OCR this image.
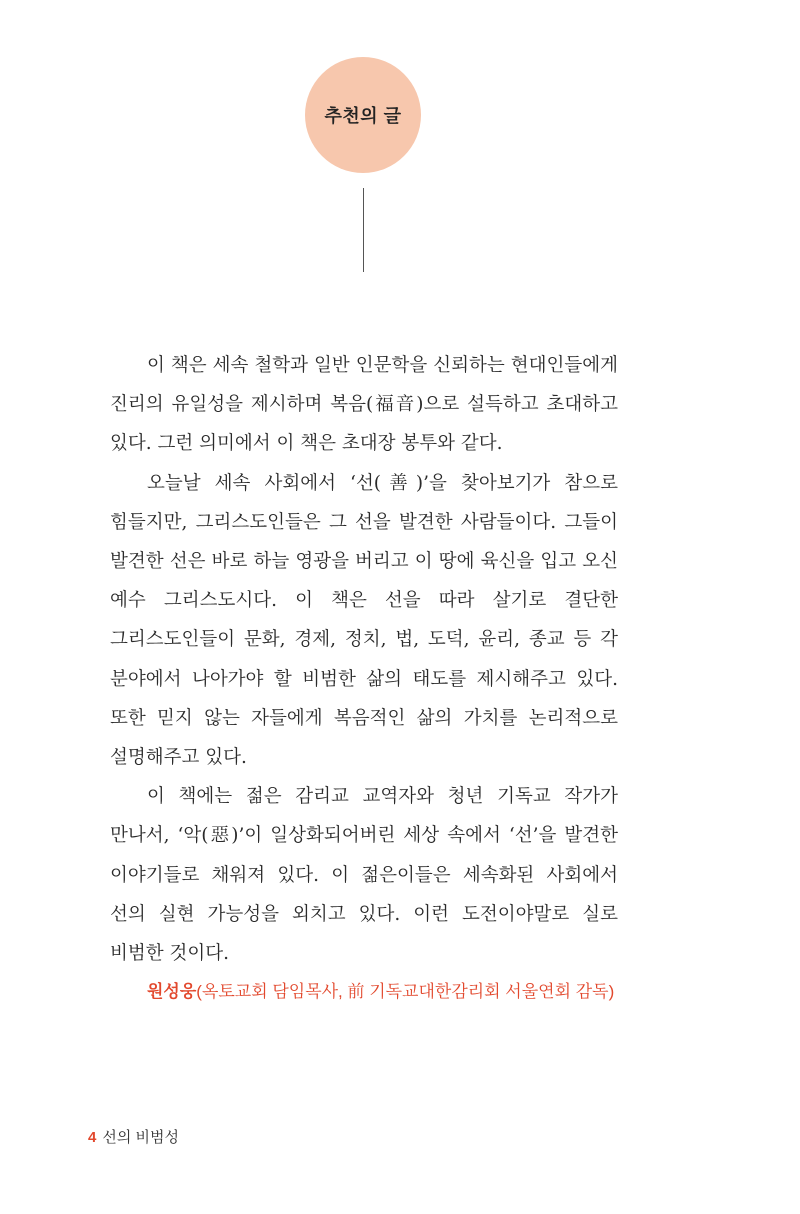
추천의 글

이 책은 세속 철학과 일반 인문학을 신뢰하는 현대인들에게 진리의 유일성을 제시하며 복음(福音)으로 설득하고 초대하고 있다. 그런 의미에서 이 책은 초대장 봉투와 같다.

오늘날 세속 사회에서 ‘선(善)’을 찾아보기가 참으로 힘들지만, 그리스도인들은 그 선을 발견한 사람들이다. 그들이 발견한 선은 바로 하늘 영광을 버리고 이 땅에 육신을 입고 오신 예수 그리스도시다. 이 책은 선을 따라 살기로 결단한 그리스도인들이 문화, 경제, 정치, 법, 도덕, 윤리, 종교 등 각 분야에서 나아가야 할 비범한 삶의 태도를 제시해주고 있다. 또한 믿지 않는 자들에게 복음적인 삶의 가치를 논리적으로 설명해주고 있다.

이 책에는 젊은 감리교 교역자와 청년 기독교 작가가 만나서, ‘악(惡)’이 일상화되어버린 세상 속에서 ‘선’을 발견한 이야기들로 채워져 있다. 이 젊은이들은 세속화된 사회에서 선의 실현 가능성을 외치고 있다. 이런 도전이야말로 실로 비범한 것이다.

원성웅(옥토교회 담임목사, 前 기독교대한감리회 서울연회 감독)

4 선의 비범성
